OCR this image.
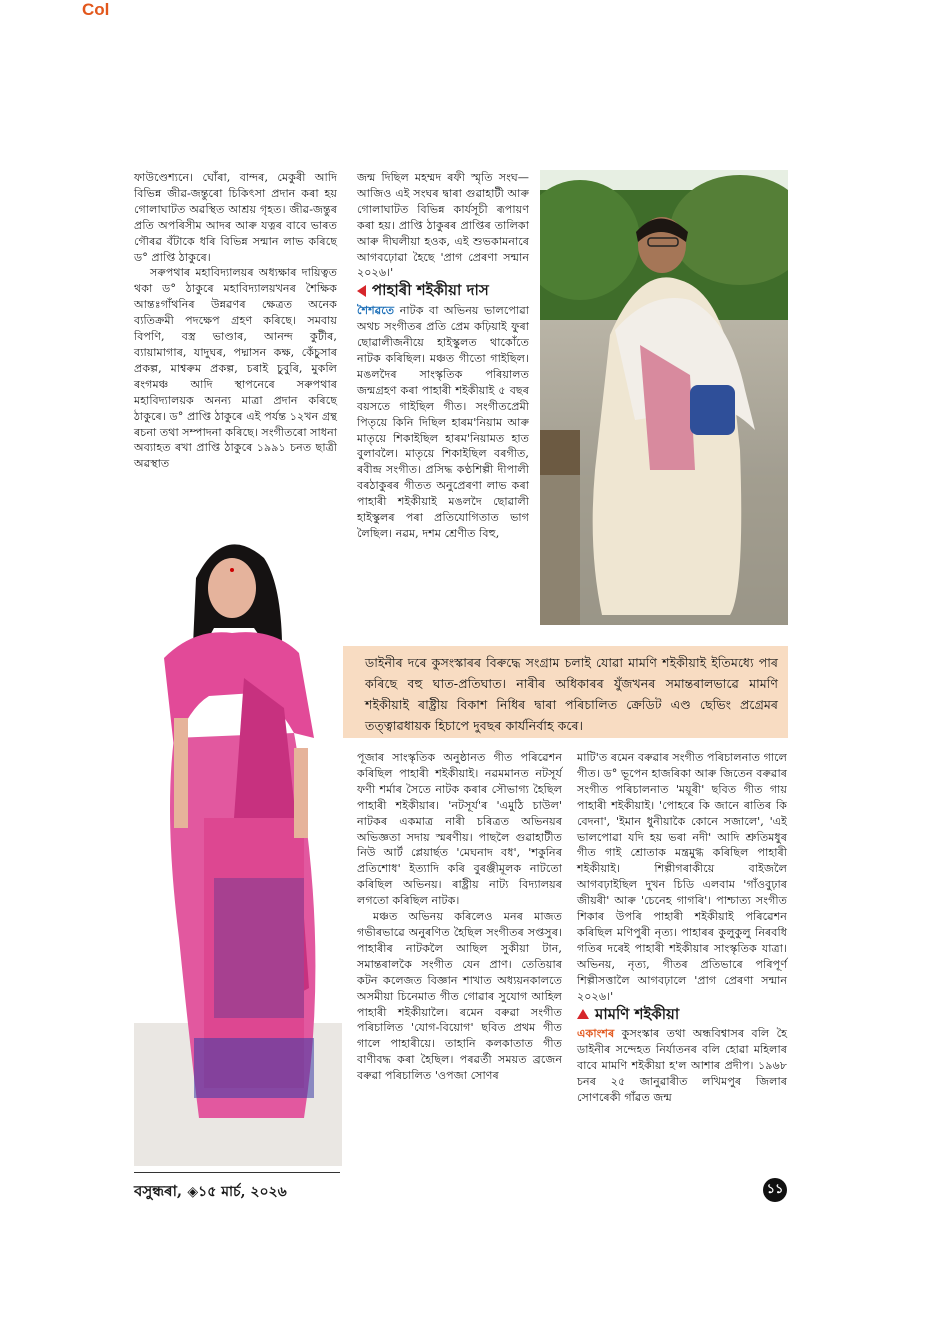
Col

ফাউণ্ডেশ্যনে। ঘোঁৰা, বান্দৰ, মেকুৰী আদি বিভিন্ন জীৱ-জন্তুৰো চিকিৎসা প্ৰদান কৰা হয় গোলাঘাটত অৱস্থিত আশ্ৰয় গৃহত। জীৱ-জন্তুৰ প্ৰতি অপৰিসীম আদৰ আৰু যত্নৰ বাবে ভাৰত গৌৰৱ বঁটাকে ধৰি বিভিন্ন সন্মান লাভ কৰিছে ড° প্ৰাপ্তি ঠাকুৰে।

সৰুপথাৰ মহাবিদ্যালয়ৰ অধ্যক্ষাৰ দায়িত্বত থকা ড° ঠাকুৰে মহাবিদ্যালয়খনৰ শৈক্ষিক আন্তঃগাঁথনিৰ উন্নৱণৰ ক্ষেত্ৰত অনেক ব্যতিক্ৰমী পদক্ষেপ গ্ৰহণ কৰিছে। সমবায় বিপণি, বস্ত্ৰ ভাণ্ডাৰ, আনন্দ কুটীৰ, ব্যায়ামাগাৰ, যাদুঘৰ, পদ্মাসন কক্ষ, কেঁচুসাৰ প্ৰকল্প, মাশ্বৰুম প্ৰকল্প, চৰাই চুবুৰি, মুকলি ৰংগমঞ্চ আদি স্থাপনেৰে সৰুপথাৰ মহাবিদ্যালয়ক অনন্য মাত্ৰা প্ৰদান কৰিছে ঠাকুৰে। ড° প্ৰাপ্তি ঠাকুৰে এই পৰ্যন্ত ১২খন গ্ৰন্থ ৰচনা তথা সম্পাদনা কৰিছে। সংগীতৰো সাধনা অব্যাহত ৰখা প্ৰাপ্তি ঠাকুৰে ১৯৯১ চনত ছাত্ৰী অৱস্থাত

জন্ম দিছিল মহম্মদ ৰফী স্মৃতি সংঘ— আজিও এই সংঘৰ দ্বাৰা গুৱাহাটী আৰু গোলাঘাটত বিভিন্ন কাৰ্যসূচী ৰূপায়ণ কৰা হয়। প্ৰাপ্তি ঠাকুৰৰ প্ৰাপ্তিৰ তালিকা আৰু দীঘলীয়া হওক, এই শুভকামনাৰে আগবঢ়োৱা হৈছে 'প্ৰাগ প্ৰেৰণা সন্মান ২০২৬।'

পাহাৰী শইকীয়া দাস

শৈশৱতে নাটক বা অভিনয় ভালপোৱা অথচ সংগীতৰ প্ৰতি প্ৰেম কঢ়িয়াই ফুৰা ছোৱালীজনীয়ে হাইস্কুলত থাকোঁতে নাটক কৰিছিল। মঞ্চত গীতো গাইছিল। মঙলদৈৰ সাংস্কৃতিক পৰিয়ালত জন্মগ্ৰহণ কৰা পাহাৰী শইকীয়াই ৫ বছৰ বয়সতে গাইছিল গীত। সংগীতপ্ৰেমী পিতৃয়ে কিনি দিছিল হাৰম'নিয়াম আৰু মাতৃয়ে শিকাইছিল হাৰম'নিয়ামত হাত বুলাবলৈ। মাতৃয়ে শিকাইছিল বৰগীত, ৰবীন্দ্ৰ সংগীত। প্ৰসিদ্ধ কণ্ঠশিল্পী দীপালী বৰঠাকুৰৰ গীতত অনুপ্ৰেৰণা লাভ কৰা পাহাৰী শইকীয়াই মঙলদৈ ছোৱালী হাইস্কুলৰ পৰা প্ৰতিযোগিতাত ভাগ লৈছিল। নৱম, দশম শ্ৰেণীত বিহু,

ডাইনীৰ দৰে কুসংস্কাৰৰ বিৰুদ্ধে সংগ্ৰাম চলাই যোৱা মামণি শইকীয়াই ইতিমধ্যে পাৰ কৰিছে বহু ঘাত-প্ৰতিঘাত। নাৰীৰ অধিকাৰৰ যুঁজখনৰ সমান্তৰালভাৱে মামণি শইকীয়াই ৰাষ্ট্ৰীয় বিকাশ নিধিৰ দ্বাৰা পৰিচালিত ক্ৰেডিট এণ্ড ছেভিং প্ৰগ্ৰেমৰ তত্ত্বাৱধায়ক হিচাপে দুবছৰ কাৰ্যনিৰ্বাহ কৰে।

পূজাৰ সাংস্কৃতিক অনুষ্ঠানত গীত পৰিৱেশন কৰিছিল পাহাৰী শইকীয়াই। নৱমমানত নটসূৰ্য ফণী শৰ্মাৰ সৈতে নাটক কৰাৰ সৌভাগ্য হৈছিল পাহাৰী শইকীয়াৰ। 'নটসূৰ্য'ৰ 'এমুঠি চাউল' নাটকৰ একমাত্ৰ নাৰী চৰিত্ৰত অভিনয়ৰ অভিজ্ঞতা সদায় স্মৰণীয়। পাছলৈ গুৱাহাটীত নিউ আৰ্ট প্লেয়াৰ্ছত 'মেঘনাদ বধ', 'শকুনিৰ প্ৰতিশোধ' ইত্যাদি কৰি বুৰঞ্জীমূলক নাটতো কৰিছিল অভিনয়। ৰাষ্ট্ৰীয় নাট্য বিদ্যালয়ৰ লগতো কৰিছিল নাটক।

মঞ্চত অভিনয় কৰিলেও মনৰ মাজত গভীৰভাৱে অনুৰণিত হৈছিল সংগীতৰ সপ্তসুৰ। পাহাৰীৰ নাটকলৈ আছিল সুকীয়া টান, সমান্তৰালকৈ সংগীত যেন প্ৰাণ। তেতিয়াৰ কটন কলেজত বিজ্ঞান শাখাত অধ্যয়নকালতে অসমীয়া চিনেমাত গীত গোৱাৰ সুযোগ আহিল পাহাৰী শইকীয়ালৈ। ৰমেন বৰুৱা সংগীত পৰিচালিত 'যোগ-বিয়োগ' ছবিত প্ৰথম গীত গালে পাহাৰীয়ে। তাহানি কলকাতাত গীত বাণীবদ্ধ কৰা হৈছিল। পৰৱৰ্তী সময়ত ব্ৰজেন বৰুৱা পৰিচালিত 'ওপজা সোণৰ

মাটি'ত ৰমেন বৰুৱাৰ সংগীত পৰিচালনাত গালে গীত। ড° ভূপেন হাজৰিকা আৰু জিতেন বৰুৱাৰ সংগীত পৰিচালনাত 'ময়ূৰী' ছবিত গীত গায় পাহাৰী শইকীয়াই। 'পোহৰে কি জানে ৰাতিৰ কি বেদনা', 'ইমান ধুনীয়াকৈ কোনে সজালে', 'এই ভালপোৱা যদি হয় ভৰা নদী' আদি শ্ৰুতিমধুৰ গীত গাই শ্ৰোতাক মন্ত্ৰমুগ্ধ কৰিছিল পাহাৰী শইকীয়াই। শিল্পীগৰাকীয়ে বাইজলৈ আগবঢ়াইছিল দুখন চিডি এলবাম 'গাঁওবুঢ়াৰ জীয়ৰী' আৰু 'চেনেহ গাগৰি'। পাশ্চাত্য সংগীত শিকাৰ উপৰি পাহাৰী শইকীয়াই পৰিৱেশন কৰিছিল মণিপুৰী নৃত্য। পাহাৰৰ কুলুকুলু নিৰবধি গতিৰ দৰেই পাহাৰী শইকীয়াৰ সাংস্কৃতিক যাত্ৰা। অভিনয়, নৃত্য, গীতৰ প্ৰতিভাৰে পৰিপূৰ্ণ শিল্পীসত্তালৈ আগবঢ়ালে 'প্ৰাগ প্ৰেৰণা সন্মান ২০২৬।'

মামণি শইকীয়া

একাংশৰ কুসংস্কাৰ তথা অন্ধবিশ্বাসৰ বলি হৈ ডাইনীৰ সন্দেহত নিৰ্যাতনৰ বলি হোৱা মহিলাৰ বাবে মামণি শইকীয়া হ'ল আশাৰ প্ৰদীপ। ১৯৬৮ চনৰ ২৫ জানুৱাৰীত লখিমপুৰ জিলাৰ সোণৰেকী গাঁৱত জন্ম

বসুন্ধৰা, ◈১৫ মাৰ্চ, ২০২৬	১১
